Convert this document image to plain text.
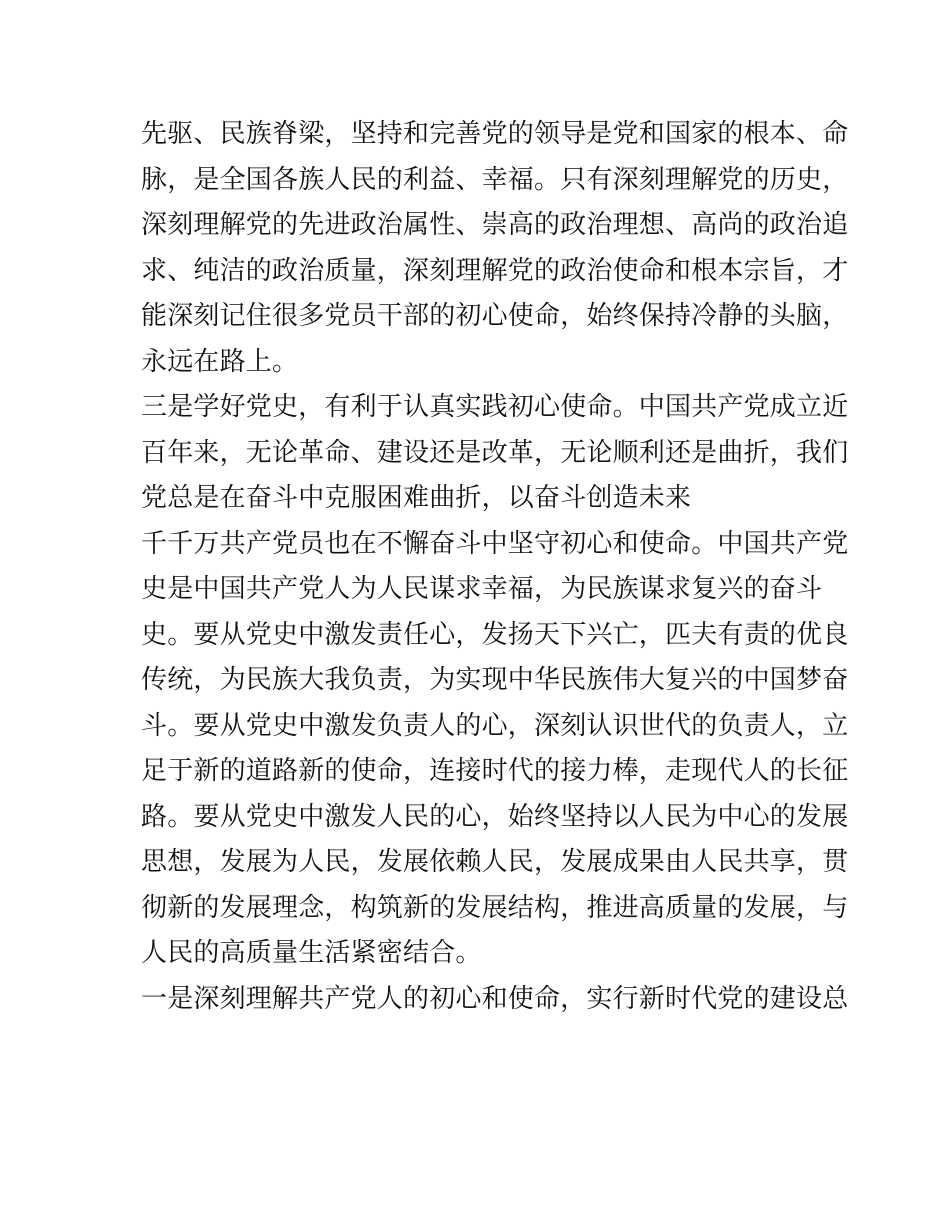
先驱、民族脊梁，坚持和完善党的领导是党和国家的根本、命
脉，是全国各族人民的利益、幸福。只有深刻理解党的历史，
深刻理解党的先进政治属性、崇高的政治理想、高尚的政治追
求、纯洁的政治质量，深刻理解党的政治使命和根本宗旨，才
能深刻记住很多党员干部的初心使命，始终保持冷静的头脑，
永远在路上。
三是学好党史，有利于认真实践初心使命。中国共产党成立近
百年来，无论革命、建设还是改革，无论顺利还是曲折，我们
党总是在奋斗中克服困难曲折，以奋斗创造未来
千千万共产党员也在不懈奋斗中坚守初心和使命。中国共产党
史是中国共产党人为人民谋求幸福，为民族谋求复兴的奋斗
史。要从党史中激发责任心，发扬天下兴亡，匹夫有责的优良
传统，为民族大我负责，为实现中华民族伟大复兴的中国梦奋
斗。要从党史中激发负责人的心，深刻认识世代的负责人，立
足于新的道路新的使命，连接时代的接力棒，走现代人的长征
路。要从党史中激发人民的心，始终坚持以人民为中心的发展
思想，发展为人民，发展依赖人民，发展成果由人民共享，贯
彻新的发展理念，构筑新的发展结构，推进高质量的发展，与
人民的高质量生活紧密结合。
一是深刻理解共产党人的初心和使命，实行新时代党的建设总
